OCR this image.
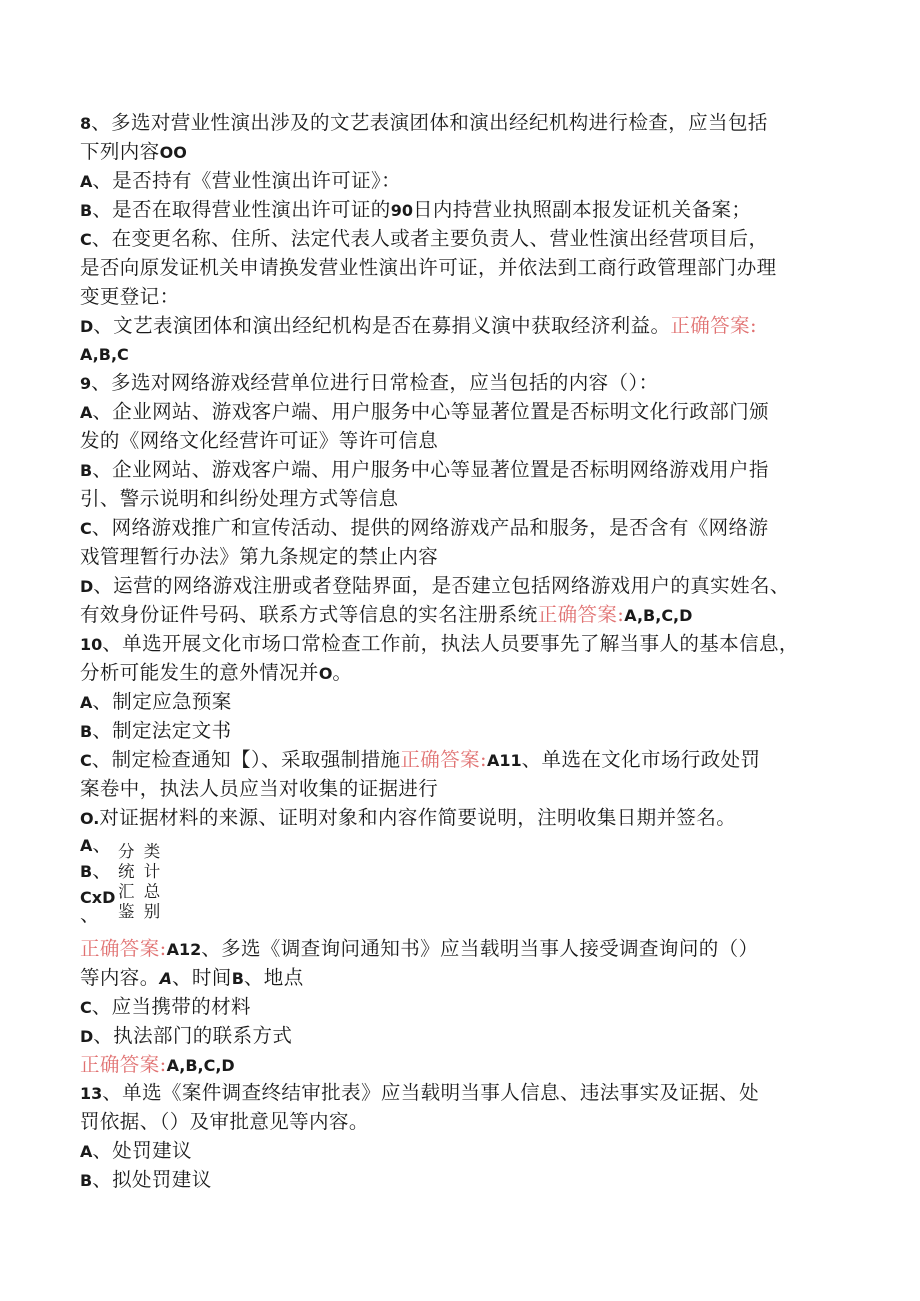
8、多选对营业性演出涉及的文艺表演团体和演出经纪机构进行检查，应当包括
下列内容OO
A、是否持有《营业性演出许可证》：
B、是否在取得营业性演出许可证的90日内持营业执照副本报发证机关备案；
C、在变更名称、住所、法定代表人或者主要负责人、营业性演出经营项目后，
是否向原发证机关申请换发营业性演出许可证，并依法到工商行政管理部门办理
变更登记：
D、文艺表演团体和演出经纪机构是否在募捐义演中获取经济利益。正确答案:
A,B,C
9、多选对网络游戏经营单位进行日常检查，应当包括的内容（）：
A、企业网站、游戏客户端、用户服务中心等显著位置是否标明文化行政部门颁
发的《网络文化经营许可证》等许可信息
B、企业网站、游戏客户端、用户服务中心等显著位置是否标明网络游戏用户指
引、警示说明和纠纷处理方式等信息
C、网络游戏推广和宣传活动、提供的网络游戏产品和服务，是否含有《网络游
戏管理暂行办法》第九条规定的禁止内容
D、运营的网络游戏注册或者登陆界面，是否建立包括网络游戏用户的真实姓名、
有效身份证件号码、联系方式等信息的实名注册系统正确答案:A,B,C,D
10、单选开展文化市场口常检查工作前，执法人员要事先了解当事人的基本信息，
分析可能发生的意外情况并O。
A、制定应急预案
B、制定法定文书
C、制定检查通知【）、采取强制措施正确答案:A11、单选在文化市场行政处罚
案卷中，执法人员应当对收集的证据进行
O.对证据材料的来源、证明对象和内容作简要说明，注明收集日期并签名。
A、
B、
CxD
、
分 类
统 计
汇 总
鉴 别
正确答案:A12、多选《调查询问通知书》应当载明当事人接受调查询问的（）
等内容。A、时间B、地点
C、应当携带的材料
D、执法部门的联系方式
正确答案:A,B,C,D
13、单选《案件调查终结审批表》应当载明当事人信息、违法事实及证据、处
罚依据、（）及审批意见等内容。
A、处罚建议
B、拟处罚建议
